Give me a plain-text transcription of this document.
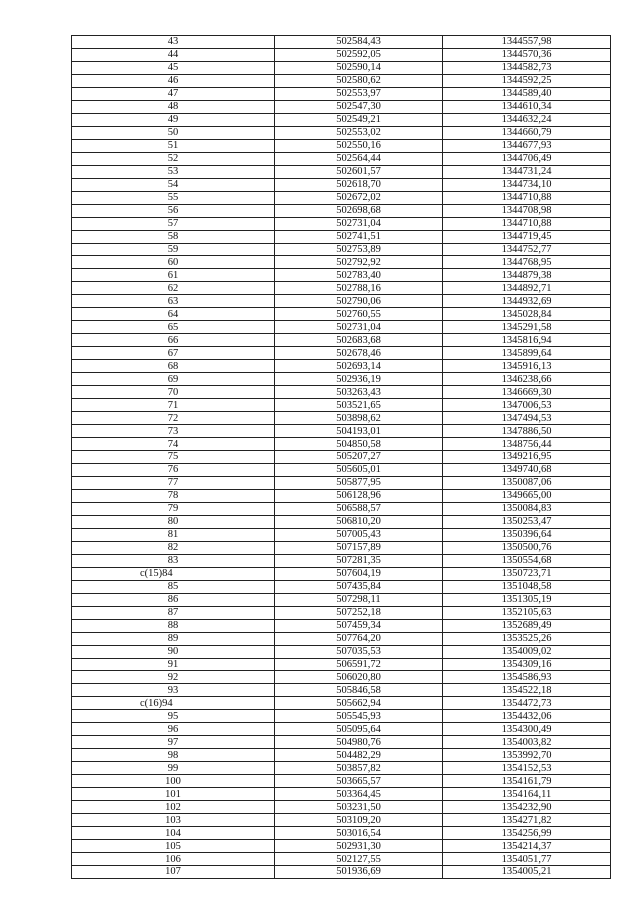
43	502584,43	1344557,98
44	502592,05	1344570,36
45	502590,14	1344582,73
46	502580,62	1344592,25
47	502553,97	1344589,40
48	502547,30	1344610,34
49	502549,21	1344632,24
50	502553,02	1344660,79
51	502550,16	1344677,93
52	502564,44	1344706,49
53	502601,57	1344731,24
54	502618,70	1344734,10
55	502672,02	1344710,88
56	502698,68	1344708,98
57	502731,04	1344710,88
58	502741,51	1344719,45
59	502753,89	1344752,77
60	502792,92	1344768,95
61	502783,40	1344879,38
62	502788,16	1344892,71
63	502790,06	1344932,69
64	502760,55	1345028,84
65	502731,04	1345291,58
66	502683,68	1345816,94
67	502678,46	1345899,64
68	502693,14	1345916,13
69	502936,19	1346238,66
70	503263,43	1346669,30
71	503521,65	1347006,53
72	503898,62	1347494,53
73	504193,01	1347886,50
74	504850,58	1348756,44
75	505207,27	1349216,95
76	505605,01	1349740,68
77	505877,95	1350087,06
78	506128,96	1349665,00
79	506588,57	1350084,83
80	506810,20	1350253,47
81	507005,43	1350396,64
82	507157,89	1350500,76
83	507281,35	1350554,68
c(15)84	507604,19	1350723,71
85	507435,84	1351048,58
86	507298,11	1351305,19
87	507252,18	1352105,63
88	507459,34	1352689,49
89	507764,20	1353525,26
90	507035,53	1354009,02
91	506591,72	1354309,16
92	506020,80	1354586,93
93	505846,58	1354522,18
c(16)94	505662,94	1354472,73
95	505545,93	1354432,06
96	505095,64	1354300,49
97	504980,76	1354003,82
98	504482,29	1353992,70
99	503857,82	1354152,53
100	503665,57	1354161,79
101	503364,45	1354164,11
102	503231,50	1354232,90
103	503109,20	1354271,82
104	503016,54	1354256,99
105	502931,30	1354214,37
106	502127,55	1354051,77
107	501936,69	1354005,21
